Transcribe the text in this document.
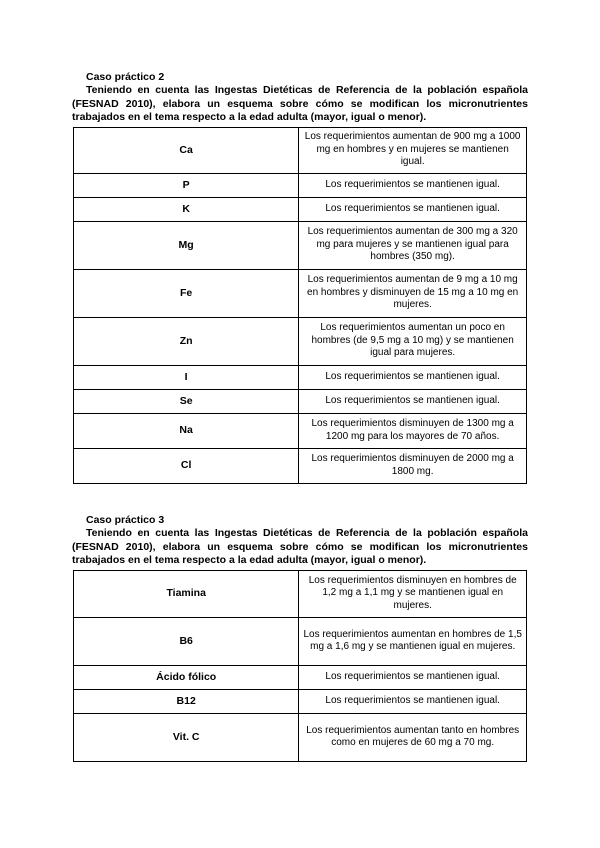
Caso práctico 2

Teniendo en cuenta las Ingestas Dietéticas de Referencia de la población española (FESNAD 2010), elabora un esquema sobre cómo se modifican los micronutrientes trabajados en el tema respecto a la edad adulta (mayor, igual o menor).

Ca	Los requerimientos aumentan de 900 mg a 1000 mg en hombres y en mujeres se mantienen igual.
P	Los requerimientos se mantienen igual.
K	Los requerimientos se mantienen igual.
Mg	Los requerimientos aumentan de 300 mg a 320 mg para mujeres y se mantienen igual para hombres (350 mg).
Fe	Los requerimientos aumentan de 9 mg a 10 mg en hombres y disminuyen de 15 mg a 10 mg en mujeres.
Zn	Los requerimientos aumentan un poco en hombres (de 9,5 mg a 10 mg) y se mantienen igual para mujeres.
I	Los requerimientos se mantienen igual.
Se	Los requerimientos se mantienen igual.
Na	Los requerimientos disminuyen de 1300 mg a 1200 mg para los mayores de 70 años.
Cl	Los requerimientos disminuyen de 2000 mg a 1800 mg.

Caso práctico 3

Teniendo en cuenta las Ingestas Dietéticas de Referencia de la población española (FESNAD 2010), elabora un esquema sobre cómo se modifican los micronutrientes trabajados en el tema respecto a la edad adulta (mayor, igual o menor).

Tiamina	Los requerimientos disminuyen en hombres de 1,2 mg a 1,1 mg y se mantienen igual en mujeres.
B6	Los requerimientos aumentan en hombres de 1,5 mg a 1,6 mg y se mantienen igual en mujeres.
Ácido fólico	Los requerimientos se mantienen igual.
B12	Los requerimientos se mantienen igual.
Vit. C	Los requerimientos aumentan tanto en hombres como en mujeres de 60 mg a 70 mg.
